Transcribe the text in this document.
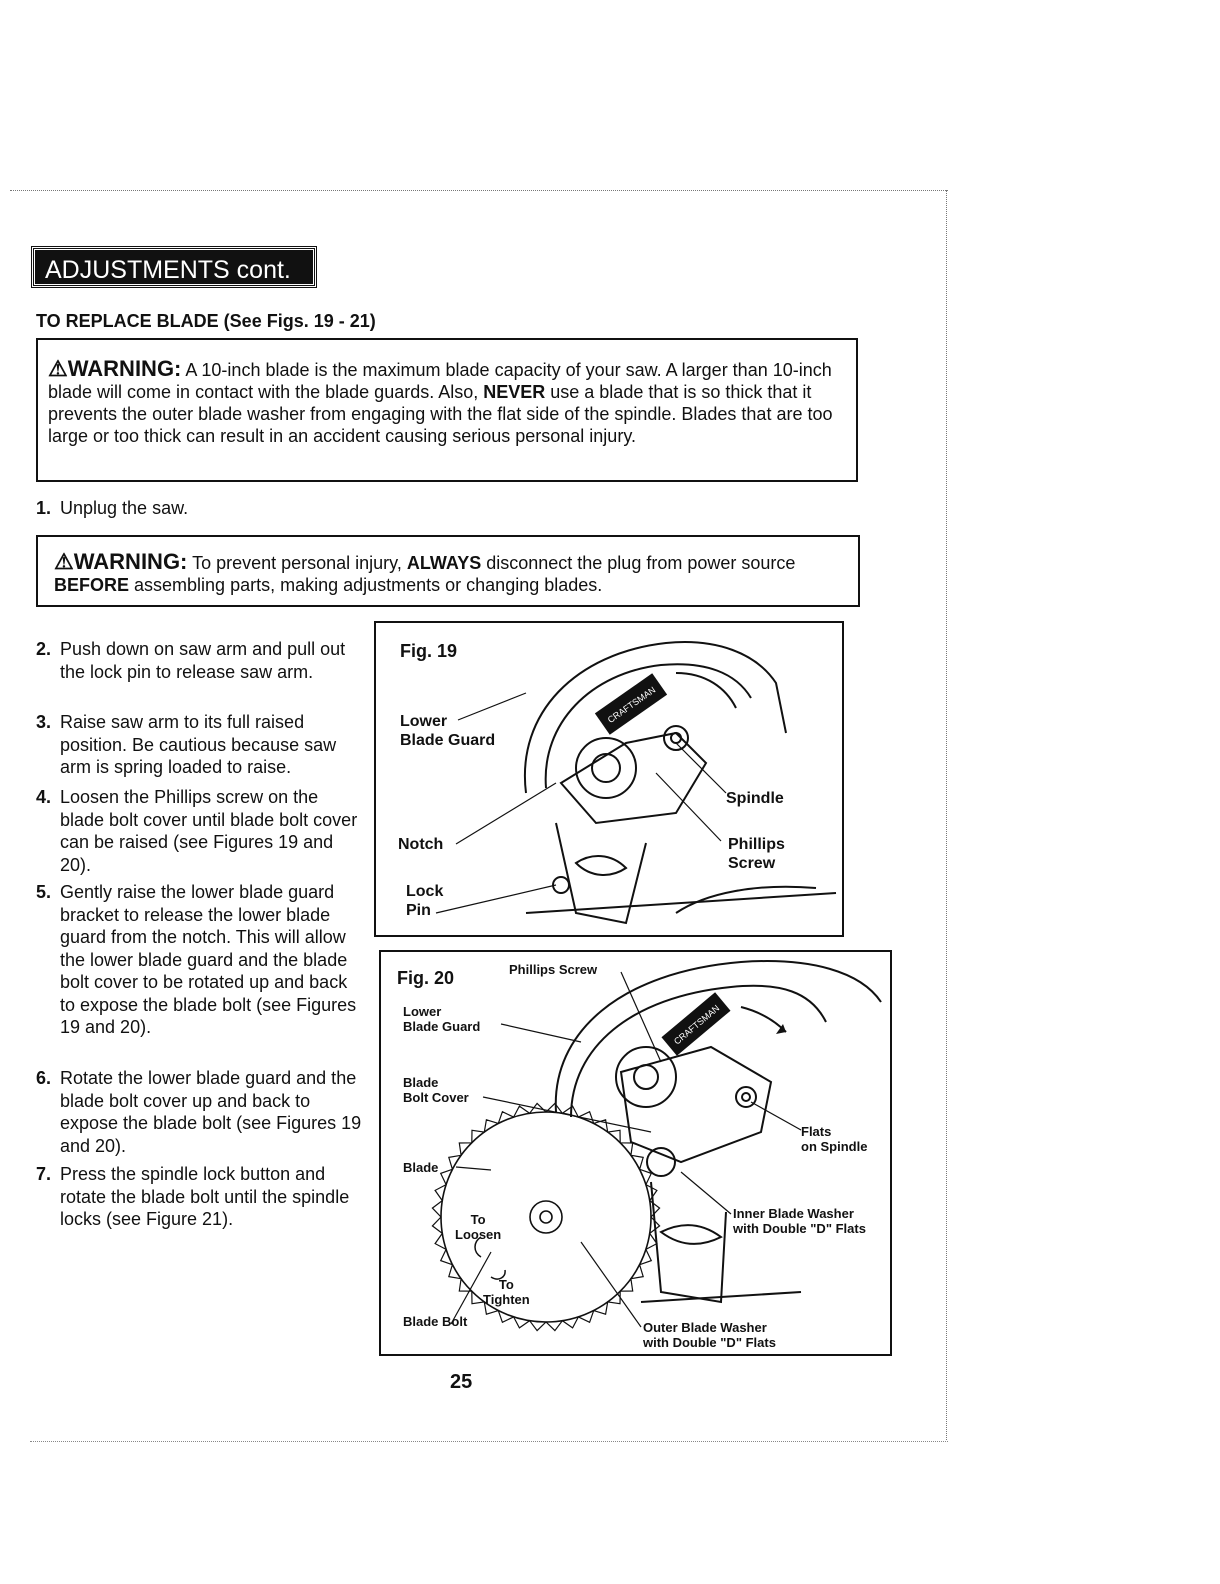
ADJUSTMENTS cont.
TO REPLACE BLADE (See Figs. 19 - 21)
⚠WARNING: A 10-inch blade is the maximum blade capacity of your saw. A larger than 10-inch blade will come in contact with the blade guards. Also, NEVER use a blade that is so thick that it prevents the outer blade washer from engaging with the flat side of the spindle. Blades that are too large or too thick can result in an accident causing serious personal injury.
1. Unplug the saw.
⚠WARNING: To prevent personal injury, ALWAYS disconnect the plug from power source BEFORE assembling parts, making adjustments or changing blades.
2. Push down on saw arm and pull out the lock pin to release saw arm.
3. Raise saw arm to its full raised position. Be cautious because saw arm is spring loaded to raise.
4. Loosen the Phillips screw on the blade bolt cover until blade bolt cover can be raised (see Figures 19 and 20).
5. Gently raise the lower blade guard bracket to release the lower blade guard from the notch. This will allow the lower blade guard and the blade bolt cover to be rotated up and back to expose the blade bolt (see Figures 19 and 20).
6. Rotate the lower blade guard and the blade bolt cover up and back to expose the blade bolt (see Figures 19 and 20).
7. Press the spindle lock button and rotate the blade bolt until the spindle locks (see Figure 21).
CRAFTSMAN
Fig. 19
Lower
Blade Guard
Notch
Lock
Pin
Spindle
Phillips
Screw
CRAFTSMAN
Fig. 20	Phillips Screw
Lower
Blade Guard
Blade
Bolt Cover
Blade
To
Loosen
To
Tighten
Blade Bolt
Flats
on Spindle
Inner Blade Washer
with Double "D" Flats
Outer Blade Washer
with Double "D" Flats
25
